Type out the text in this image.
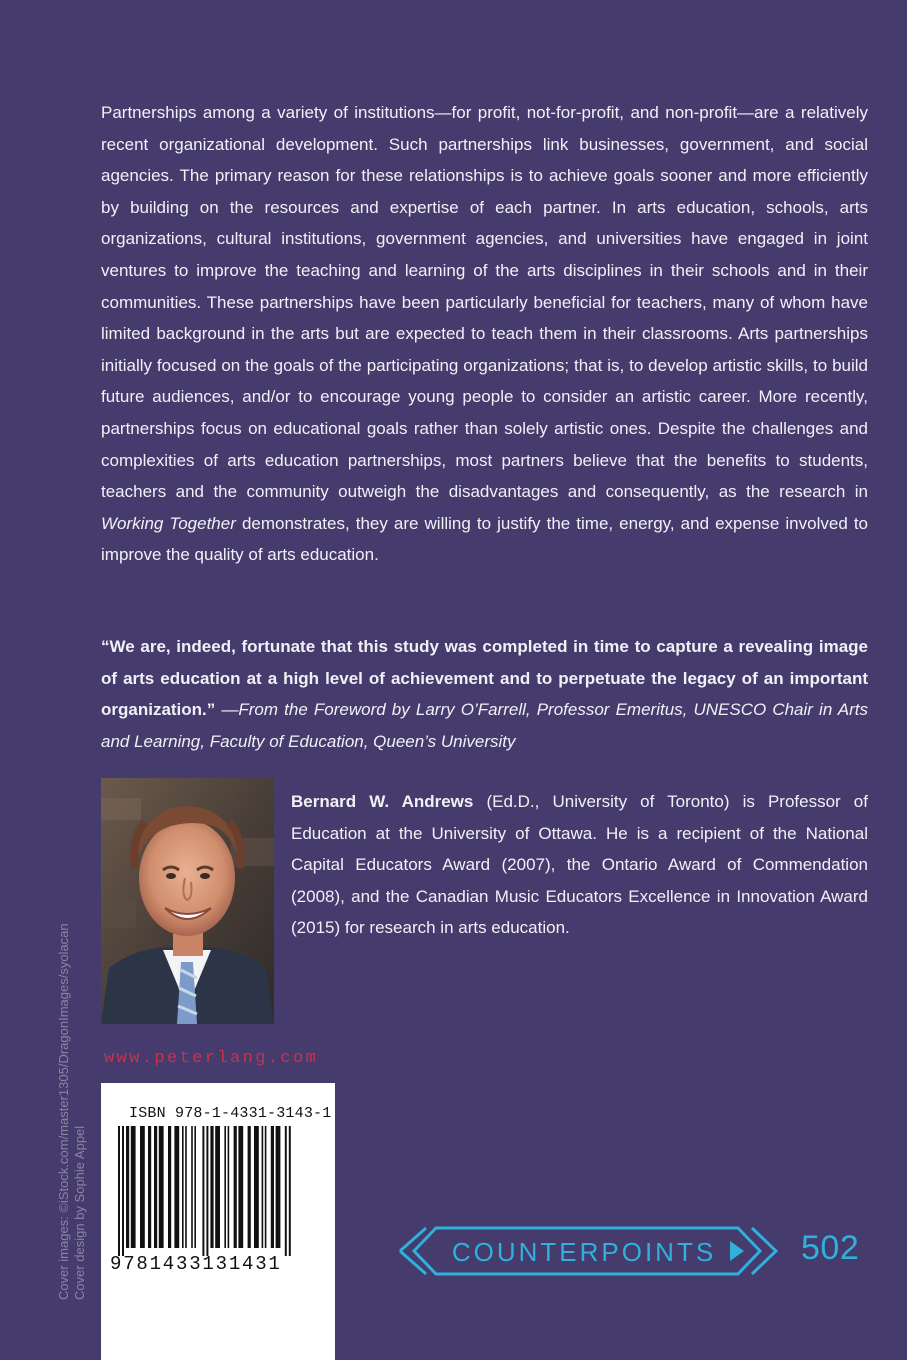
Partnerships among a variety of institutions—for profit, not-for-profit, and non-profit—are a relatively recent organizational development. Such partnerships link businesses, government, and social agencies. The primary reason for these relationships is to achieve goals sooner and more efficiently by building on the resources and expertise of each partner. In arts education, schools, arts organizations, cultural institutions, government agencies, and universities have engaged in joint ventures to improve the teaching and learning of the arts disciplines in their schools and in their communities. These partnerships have been particularly beneficial for teachers, many of whom have limited background in the arts but are expected to teach them in their classrooms. Arts partnerships initially focused on the goals of the participating organizations; that is, to develop artistic skills, to build future audiences, and/or to encourage young people to consider an artistic career. More recently, partnerships focus on educational goals rather than solely artistic ones. Despite the challenges and complexities of arts education partnerships, most partners believe that the benefits to students, teachers and the community outweigh the disadvantages and consequently, as the research in Working Together demonstrates, they are willing to justify the time, energy, and expense involved to improve the quality of arts education.

“We are, indeed, fortunate that this study was completed in time to capture a revealing image of arts education at a high level of achievement and to perpetuate the legacy of an important organization.” —From the Foreword by Larry O’Farrell, Professor Emeritus, UNESCO Chair in Arts and Learning, Faculty of Education, Queen’s University

Bernard W. Andrews (Ed.D., University of Toronto) is Professor of Education at the University of Ottawa. He is a recipient of the National Capital Educators Award (2007), the Ontario Award of Commendation (2008), and the Canadian Music Educators Excellence in Innovation Award (2015) for research in arts education.

Cover images: ©iStock.com/master1305/DragonImages/syolacan Cover design by Sophie Appel
www.peterlang.com
ISBN 978-1-4331-3143-1
9781433131431	COUNTERPOINTS 502
